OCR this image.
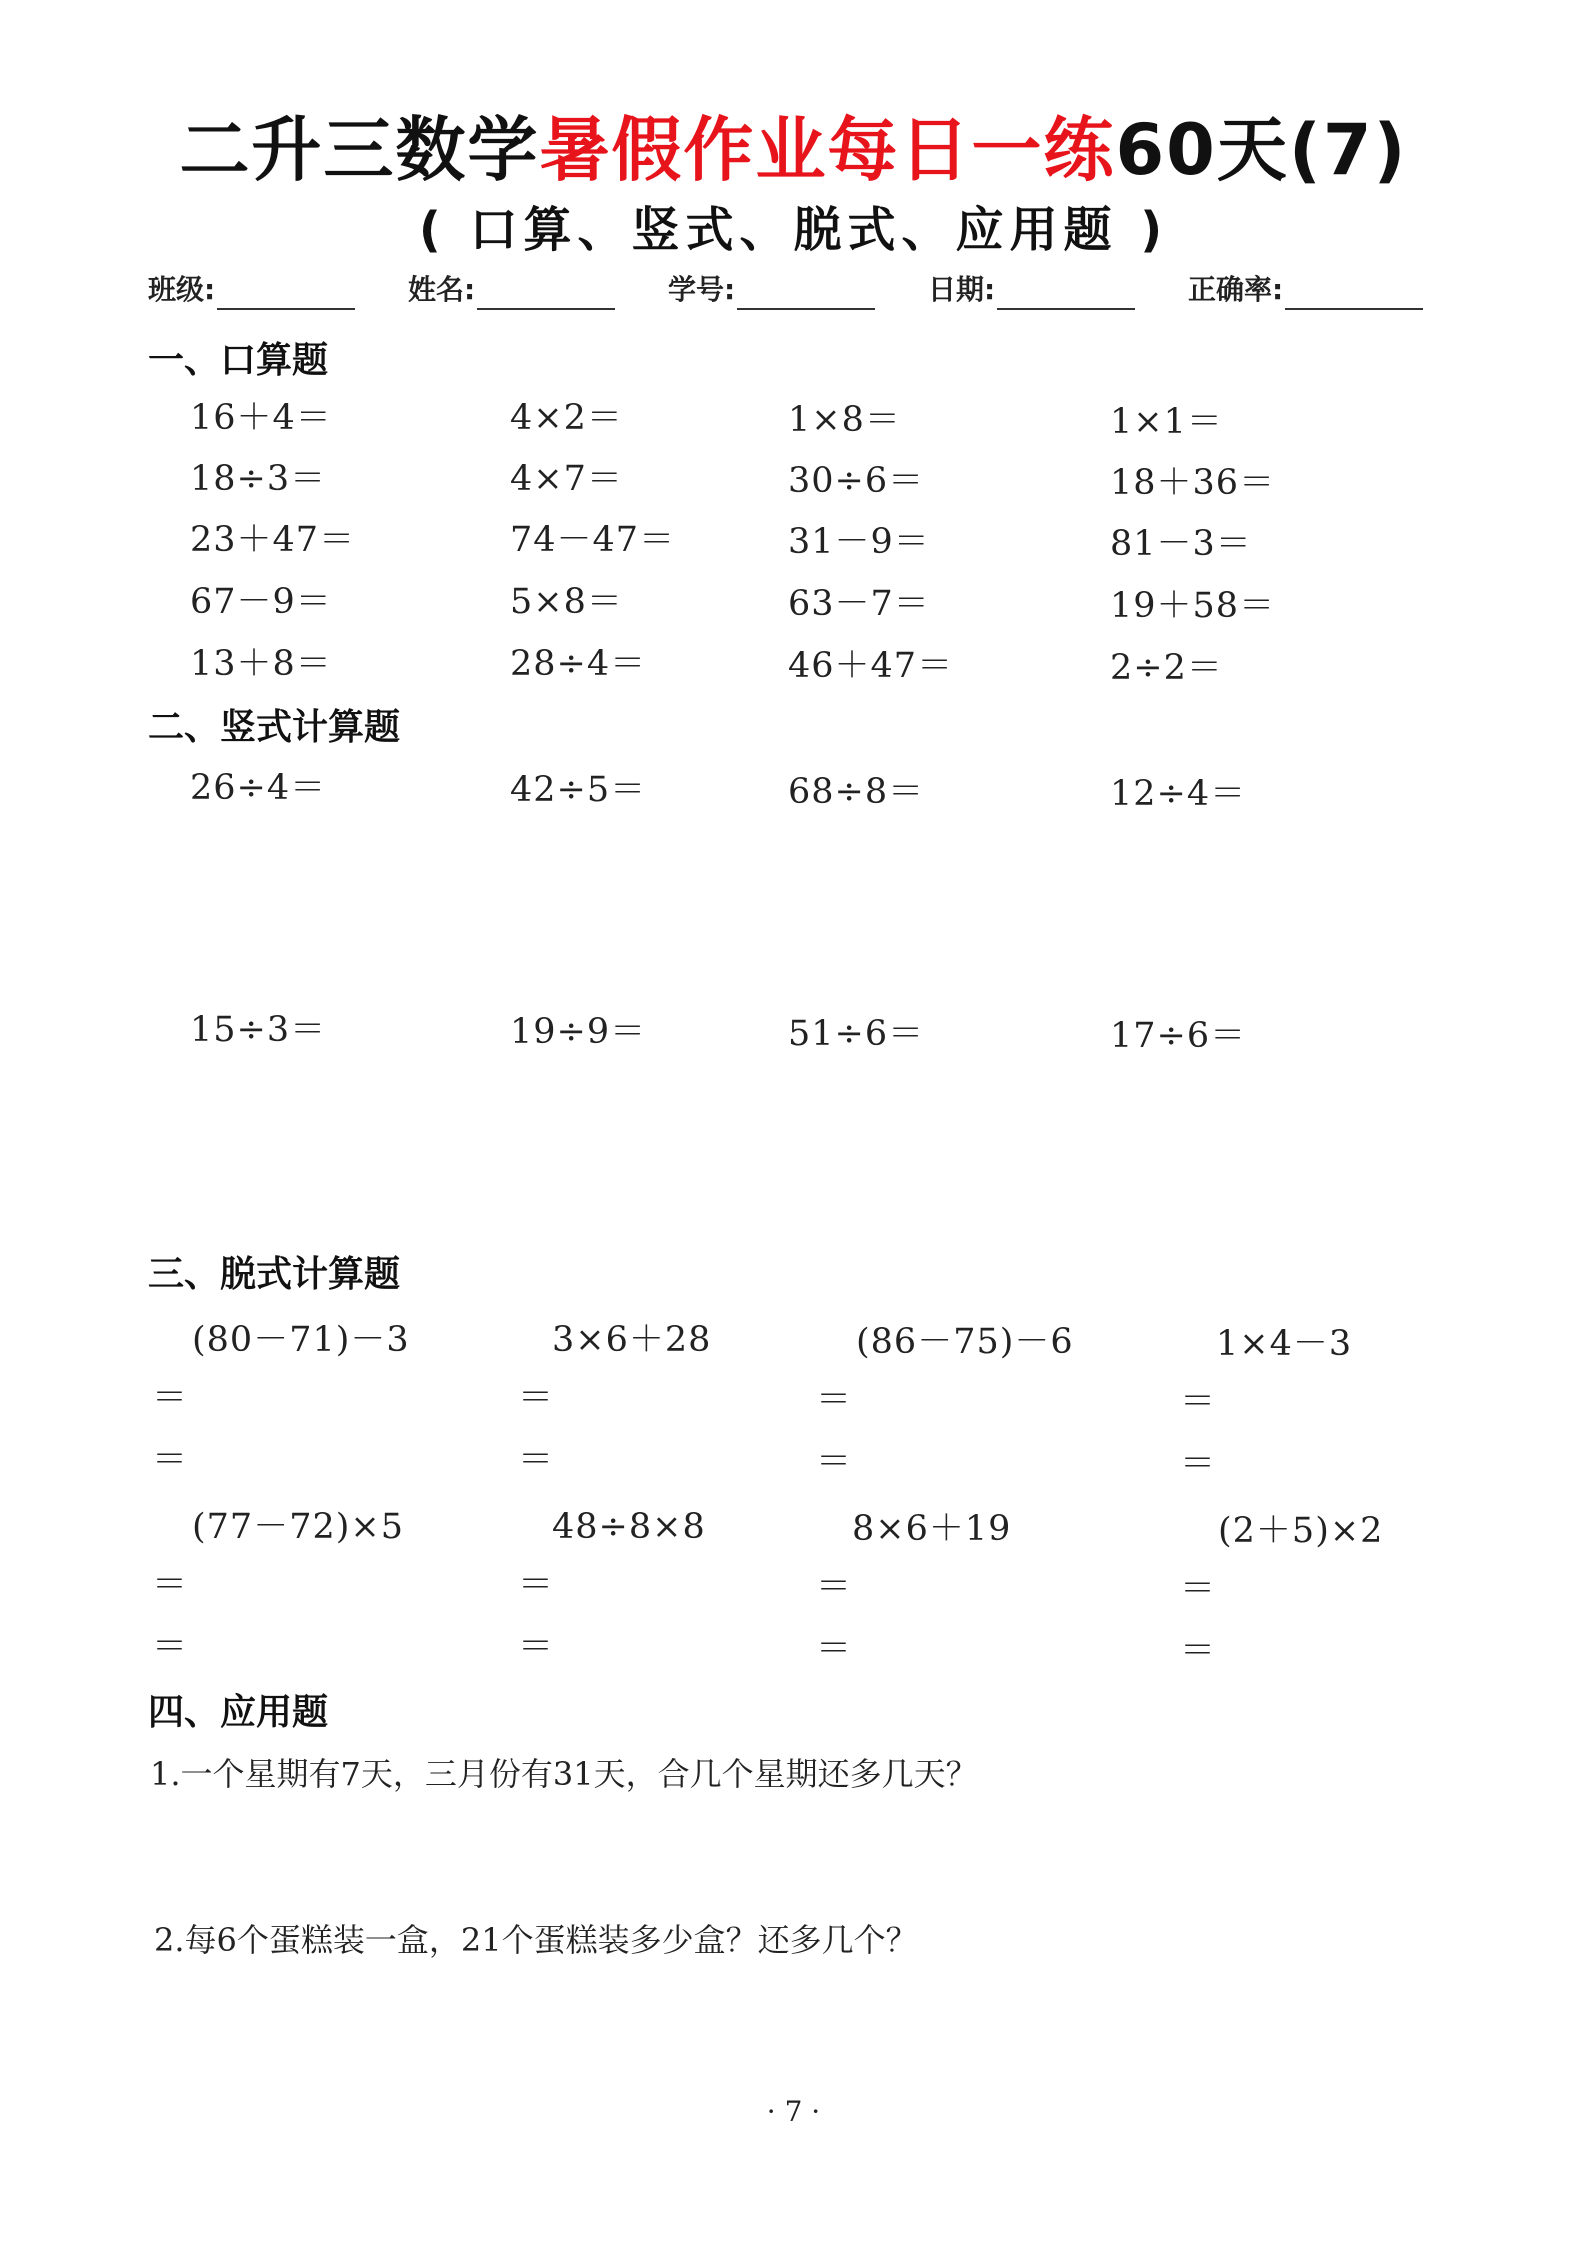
二升三数学暑假作业每日一练60天(7)
( 口算、竖式、脱式、应用题 )
班级:	姓名:	学号:	日期:	正确率:
一、口算题
16＋4＝	4×2＝	1×8＝	1×1＝
18÷3＝	4×7＝	30÷6＝	18＋36＝
23＋47＝	74－47＝	31－9＝	81－3＝
67－9＝	5×8＝	63－7＝	19＋58＝
13＋8＝	28÷4＝	46＋47＝	2÷2＝
二、竖式计算题
26÷4＝	42÷5＝	68÷8＝	12÷4＝
15÷3＝	19÷9＝	51÷6＝	17÷6＝
三、脱式计算题
(80－71)－3	3×6＋28	(86－75)－6	1×4－3
＝	＝	＝	＝
＝	＝	＝	＝
(77－72)×5	48÷8×8	8×6＋19	(2＋5)×2
＝	＝	＝	＝
＝	＝	＝	＝
四、应用题
1.一个星期有7天，三月份有31天，合几个星期还多几天？
2.每6个蛋糕装一盒，21个蛋糕装多少盒？还多几个？
· 7 ·
